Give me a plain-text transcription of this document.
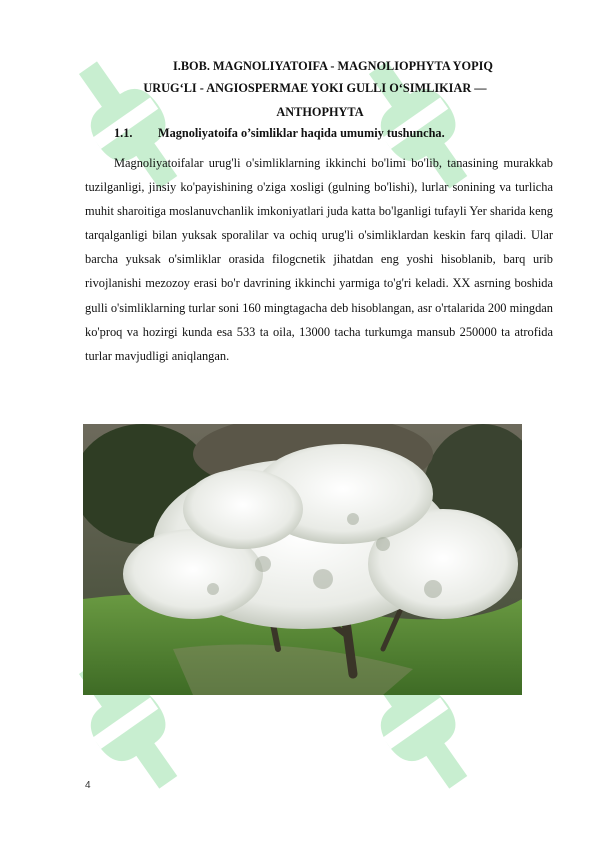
I.BOB. MAGNOLIYATOIFA - MAGNOLIOPHYTA YOPIQ
URUG‘LI - ANGIOSPERMAE YOKI GULLI O‘SIMLIKIAR —
ANTHOPHYTA
1.1. Magnoliyatoifa o’simliklar haqida umumiy tushuncha.

Magnoliyatoifalar urug'li o'simliklarning ikkinchi bo'limi bo'lib, tanasining murakkab tuzilganligi, jinsiy ko'payishining o'ziga xosligi (gulning bo'lishi), lurlar sonining va turlicha muhit sharoitiga moslanuvchanlik imkoniyatlari juda katta bo'lganligi tufayli Yer sharida keng tarqalganligi bilan yuksak sporalilar va ochiq urug'li o'simliklardan keskin farq qiladi. Ular barcha yuksak o'simliklar orasida filogcnetik jihatdan eng yoshi hisoblanib, barq urib rivojlanishi mezozoy erasi bo'r davrining ikkinchi yarmiga to'g'ri keladi. XX asrning boshida gulli o'simliklarning turlar soni 160 mingtagacha deb hisoblangan, asr o'rtalarida 200 mingdan ko'proq va hozirgi kunda esa 533 ta oila, 13000 tacha turkumga mansub 250000 ta atrofida turlar mavjudligi aniqlangan.

4
